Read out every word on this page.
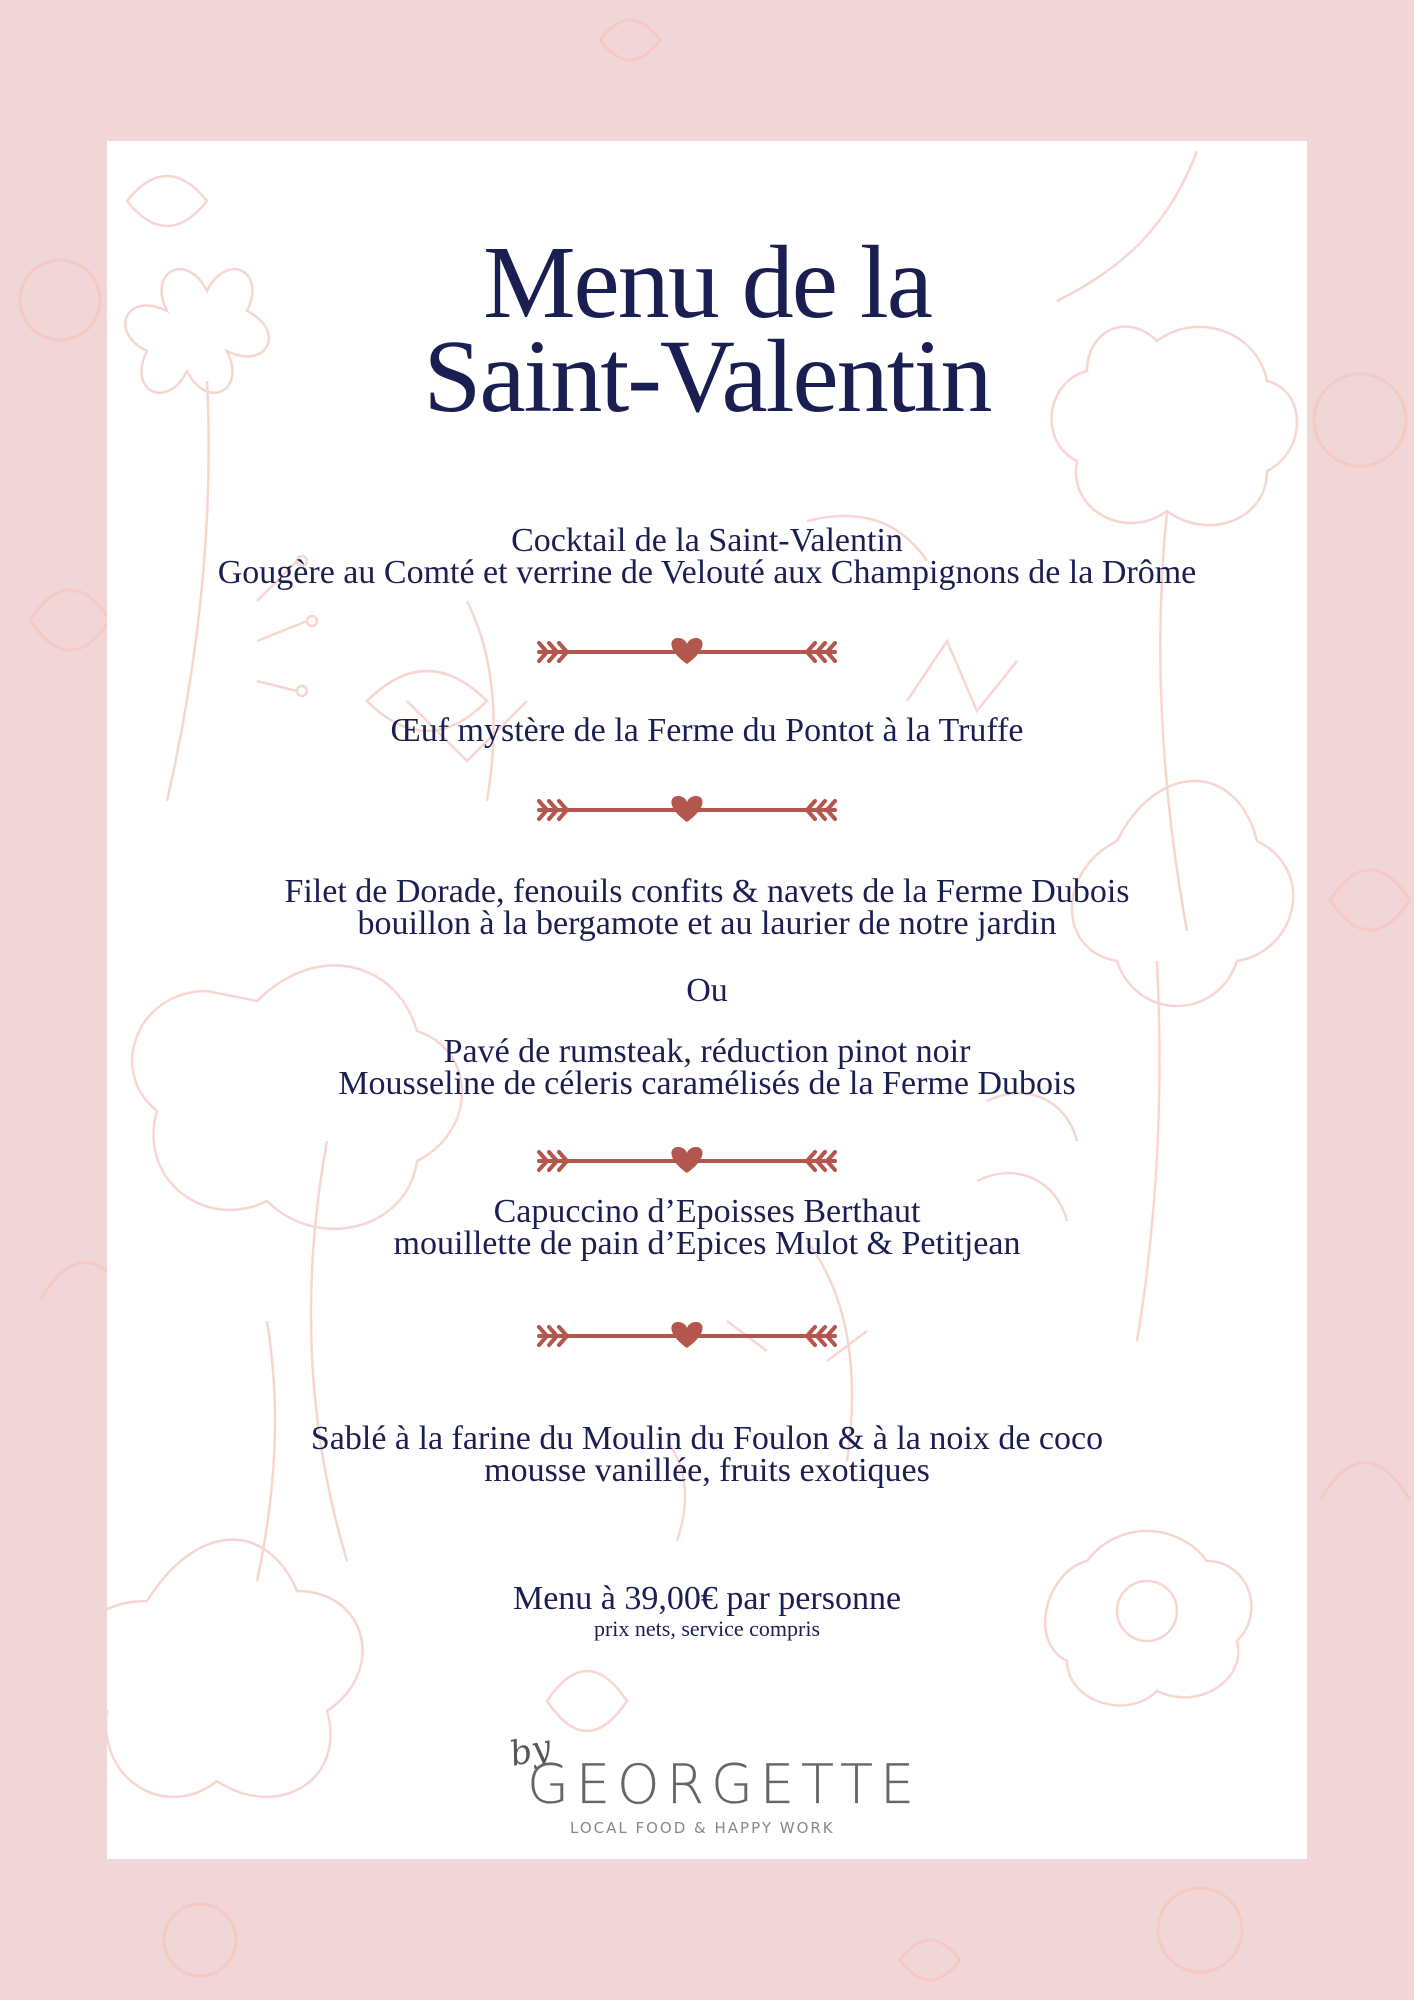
Menu de la
Saint-Valentin
Cocktail de la Saint-Valentin
Gougère au Comté et verrine de Velouté aux Champignons de la Drôme
Œuf mystère de la Ferme du Pontot à la Truffe
Filet de Dorade, fenouils confits & navets de la Ferme Dubois
bouillon à la bergamote et au laurier de notre jardin
Ou
Pavé de rumsteak, réduction pinot noir
Mousseline de céleris caramélisés de la Ferme Dubois
Capuccino d’Epoisses Berthaut
mouillette de pain d’Epices Mulot & Petitjean
Sablé à la farine du Moulin du Foulon & à la noix de coco
mousse vanillée, fruits exotiques
Menu à 39,00€ par personne
prix nets, service compris
by
GEORGETTE
LOCAL FOOD & HAPPY WORK
